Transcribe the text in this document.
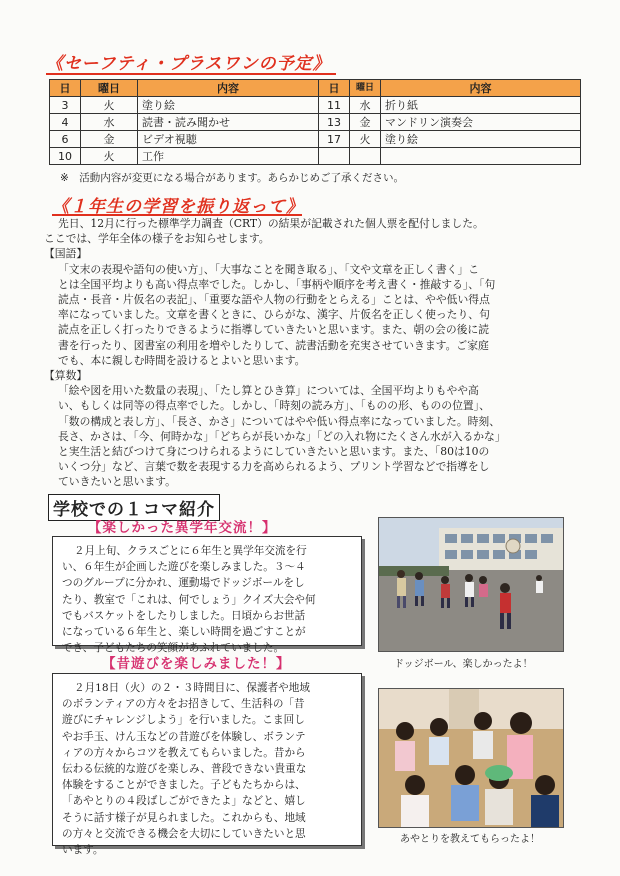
《セーフティ・プラスワンの予定》
日	曜日	内容	日	曜日	内容
3	火	塗り絵	11	水	折り紙
4	水	読書・読み聞かせ	13	金	マンドリン演奏会
6	金	ビデオ視聴	17	火	塗り絵
10	火	工作			
※　活動内容が変更になる場合があります。あらかじめご了承ください。
《１年生の学習を振り返って》

先日、12月に行った標準学力調査（CRT）の結果が記載された個人票を配付しました。

ここでは、学年全体の様子をお知らせします。

【国語】

「文末の表現や語句の使い方」、「大事なことを聞き取る」、「文や文章を正しく書く」こ

とは全国平均よりも高い得点率でした。しかし、「事柄や順序を考え書く・推敲する」、「句

読点・長音・片仮名の表記」、「重要な語や人物の行動をとらえる」ことは、やや低い得点

率になっていました。文章を書くときに、ひらがな、漢字、片仮名を正しく使ったり、句

読点を正しく打ったりできるように指導していきたいと思います。また、朝の会の後に読

書を行ったり、図書室の利用を増やしたりして、読書活動を充実させていきます。ご家庭

でも、本に親しむ時間を設けるとよいと思います。

【算数】

「絵や図を用いた数量の表現」、「たし算とひき算」については、全国平均よりもやや高

い、もしくは同等の得点率でした。しかし、「時刻の読み方」、「ものの形、ものの位置」、

「数の構成と表し方」、「長さ、かさ」についてはやや低い得点率になっていました。時刻、

長さ、かさは、「今、何時かな」「どちらが長いかな」「どの入れ物にたくさん水が入るかな」

と実生活と結びつけて身につけられるようにしていきたいと思います。また、「80は10の

いくつ分」など、言葉で数を表現する力を高められるよう、プリント学習などで指導をし

ていきたいと思います。

学校での１コマ紹介
【楽しかった異学年交流！】
２月上旬、クラスごとに６年生と異学年交流を行
い、６年生が企画した遊びを楽しみました。３～４
つのグループに分かれ、運動場でドッジボールをし
たり、教室で「これは、何でしょう」クイズ大会や何
でもバスケットをしたりしました。日頃からお世話
になっている６年生と、楽しい時間を過ごすことが
でき、子どもたちの笑顔があふれていました。
ドッジボール、楽しかったよ！
【昔遊びを楽しみました！】
２月18日（火）の２・３時間目に、保護者や地域
のボランティアの方々をお招きして、生活科の「昔
遊びにチャレンジしよう」を行いました。こま回し
やお手玉、けん玉などの昔遊びを体験し、ボランテ
ィアの方々からコツを教えてもらいました。昔から
伝わる伝統的な遊びを楽しみ、普段できない貴重な
体験をすることができました。子どもたちからは、
「あやとりの４段ばしごができたよ」などと、嬉し
そうに話す様子が見られました。これからも、地域
の方々と交流できる機会を大切にしていきたいと思
います。
あやとりを教えてもらったよ！
